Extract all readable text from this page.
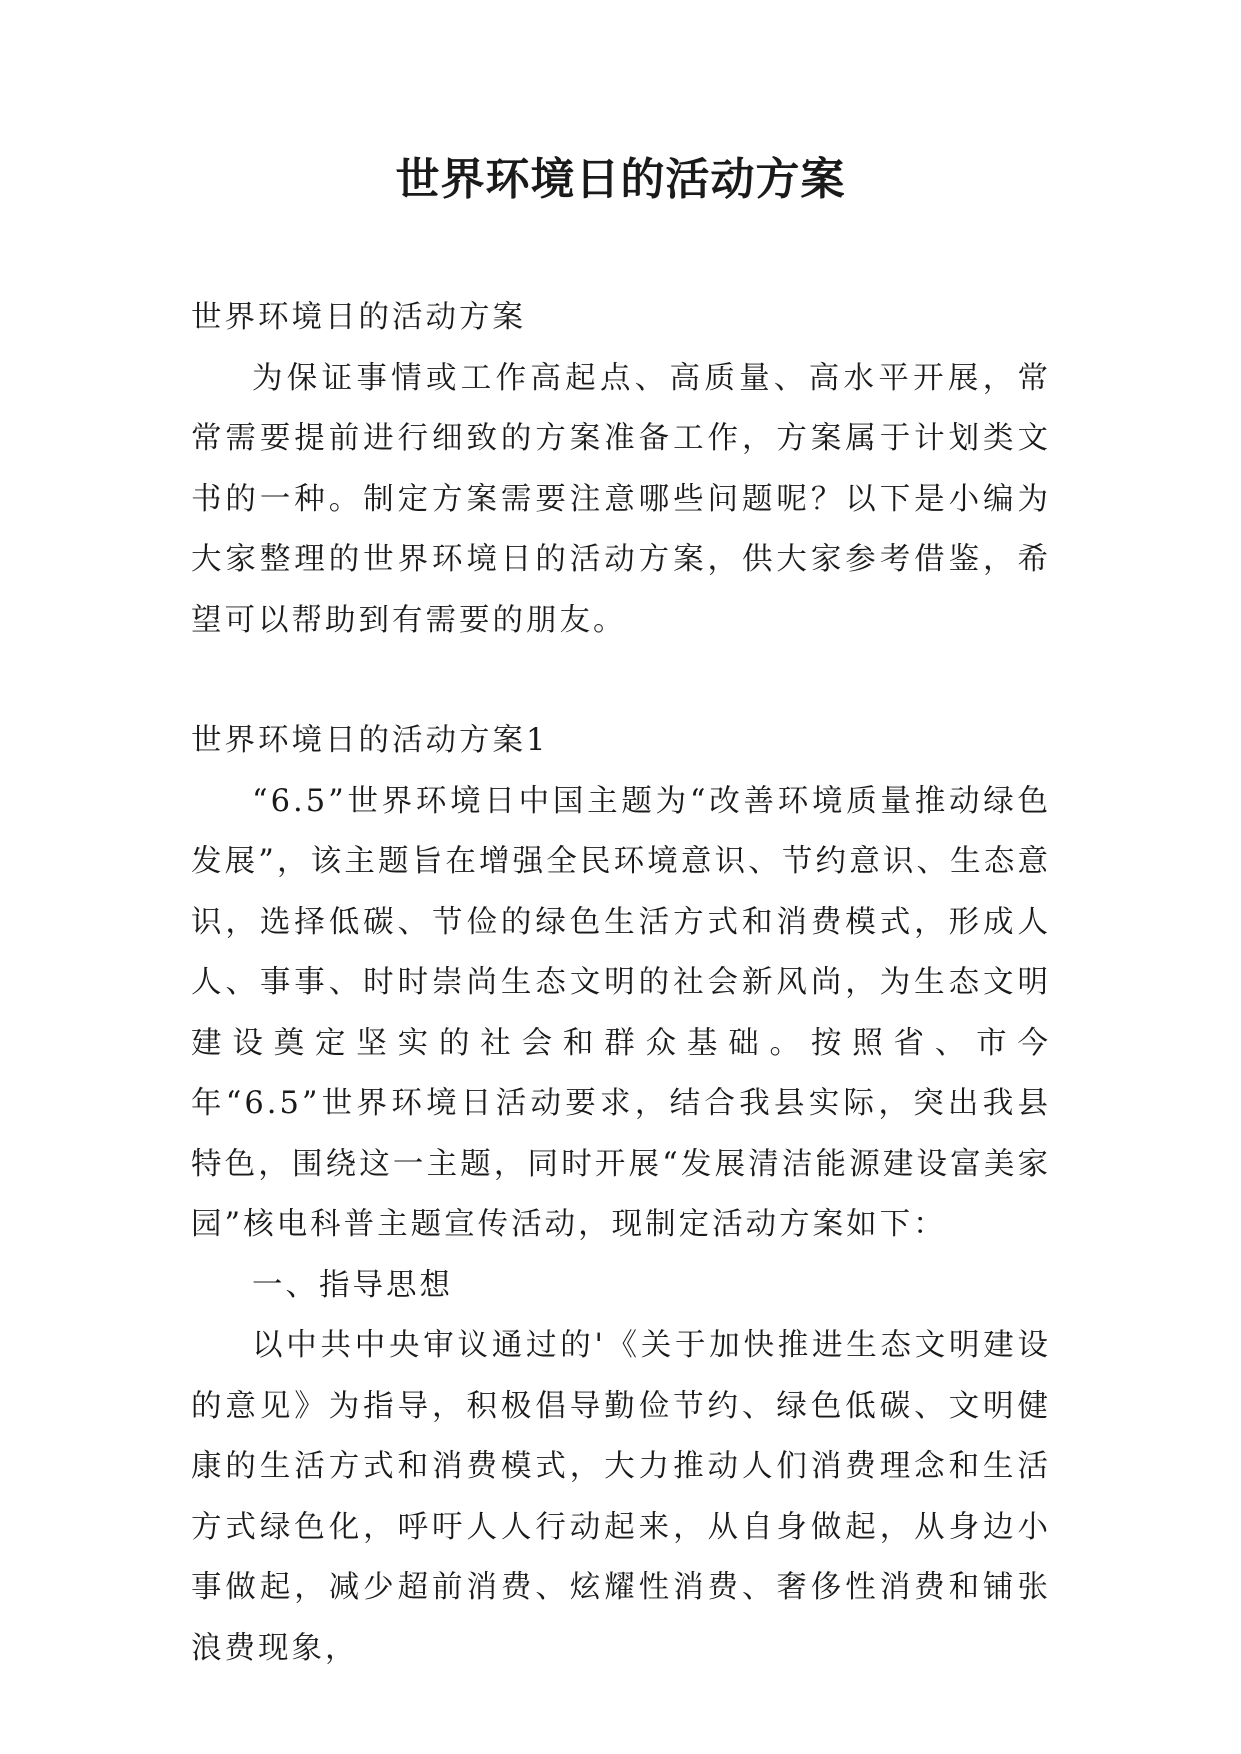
世界环境日的活动方案

世界环境日的活动方案

为保证事情或工作高起点、高质量、高水平开展，常常需要提前进行细致的方案准备工作，方案属于计划类文书的一种。制定方案需要注意哪些问题呢？以下是小编为大家整理的世界环境日的活动方案，供大家参考借鉴，希望可以帮助到有需要的朋友。

世界环境日的活动方案1

“6.5”世界环境日中国主题为“改善环境质量推动绿色发展”，该主题旨在增强全民环境意识、节约意识、生态意识，选择低碳、节俭的绿色生活方式和消费模式，形成人人、事事、时时崇尚生态文明的社会新风尚，为生态文明建设奠定坚实的社会和群众基础。按照省、市今年“6.5”世界环境日活动要求，结合我县实际，突出我县特色，围绕这一主题，同时开展“发展清洁能源建设富美家园”核电科普主题宣传活动，现制定活动方案如下：

一、指导思想

以中共中央审议通过的'《关于加快推进生态文明建设的意见》为指导，积极倡导勤俭节约、绿色低碳、文明健康的生活方式和消费模式，大力推动人们消费理念和生活方式绿色化，呼吁人人行动起来，从自身做起，从身边小事做起，减少超前消费、炫耀性消费、奢侈性消费和铺张浪费现象，
